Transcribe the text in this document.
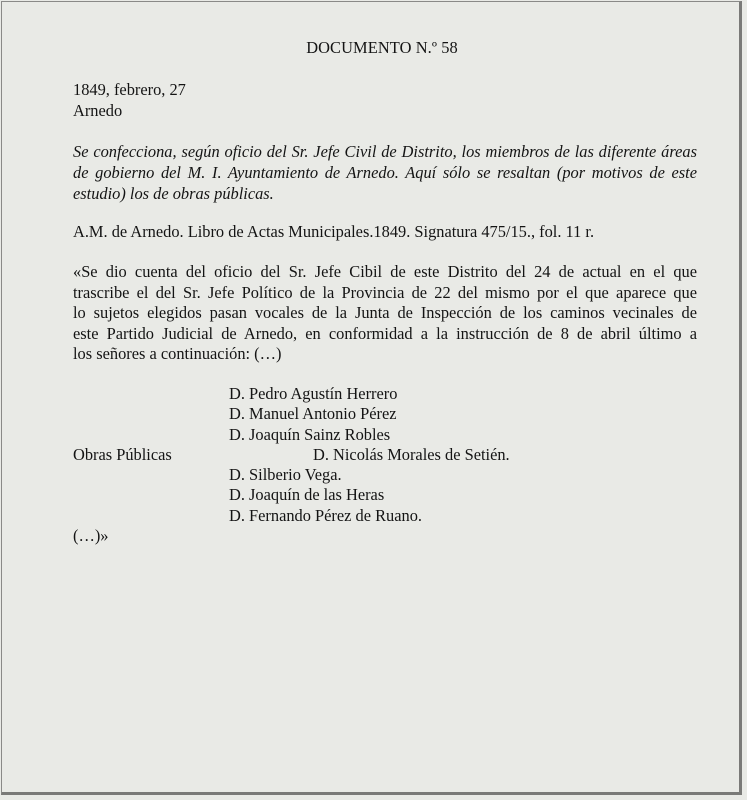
DOCUMENTO N.º 58
1849, febrero, 27
Arnedo
Se confecciona, según oficio del Sr. Jefe Civil de Distrito, los miembros de las diferente áreas de gobierno del M. I. Ayuntamiento de Arnedo. Aquí sólo se resaltan (por motivos de este estudio) los de obras públicas.
A.M. de Arnedo. Libro de Actas Municipales.1849. Signatura 475/15., fol. 11 r.
«Se dio cuenta del oficio del Sr. Jefe Cibil de este Distrito del 24 de actual en el que
trascribe el del Sr. Jefe Político de la Provincia de 22 del mismo por el que aparece que
lo sujetos elegidos pasan vocales de la Junta de Inspección de los caminos vecinales de
este Partido Judicial de Arnedo, en conformidad a la instrucción de 8 de abril último a
los señores a continuación: (…)
D. Pedro Agustín Herrero
D. Manuel Antonio Pérez
D. Joaquín Sainz Robles
Obras Públicas	D. Nicolás Morales de Setién.
D. Silberio Vega.
D. Joaquín de las Heras
D. Fernando Pérez de Ruano.
(…)»
